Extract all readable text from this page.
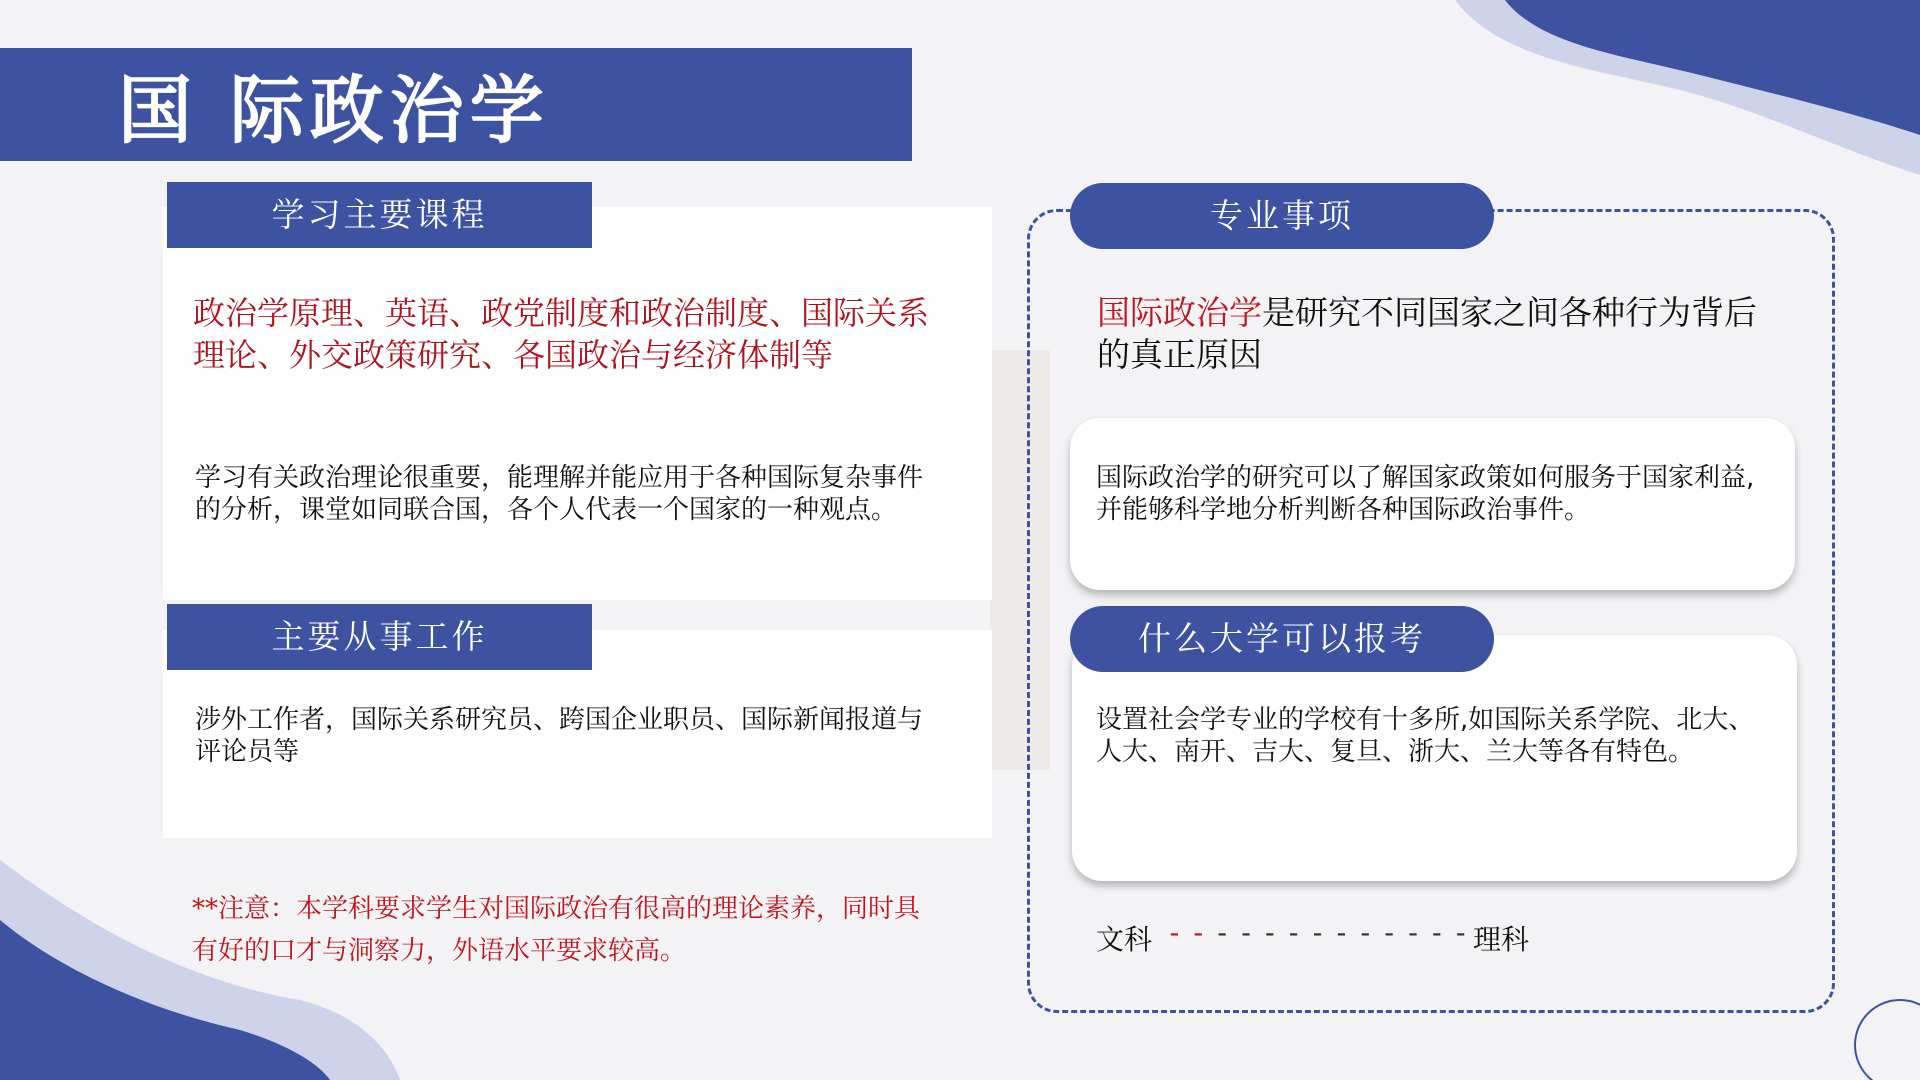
国 际政治学
学习主要课程
政治学原理、英语、政党制度和政治制度、国际关系理论、外交政策研究、各国政治与经济体制等
学习有关政治理论很重要，能理解并能应用于各种国际复杂事件的分析，课堂如同联合国，各个人代表一个国家的一种观点。
主要从事工作
涉外工作者，国际关系研究员、跨国企业职员、国际新闻报道与评论员等
**注意：本学科要求学生对国际政治有很高的理论素养，同时具有好的口才与洞察力，外语水平要求较高。
专业事项
国际政治学是研究不同国家之间各种行为背后的真正原因
国际政治学的研究可以了解国家政策如何服务于国家利益,并能够科学地分析判断各种国际政治事件。
什么大学可以报考
设置社会学专业的学校有十多所,如国际关系学院、北大、人大、南开、吉大、复旦、浙大、兰大等各有特色。
文科 -------------
理科
